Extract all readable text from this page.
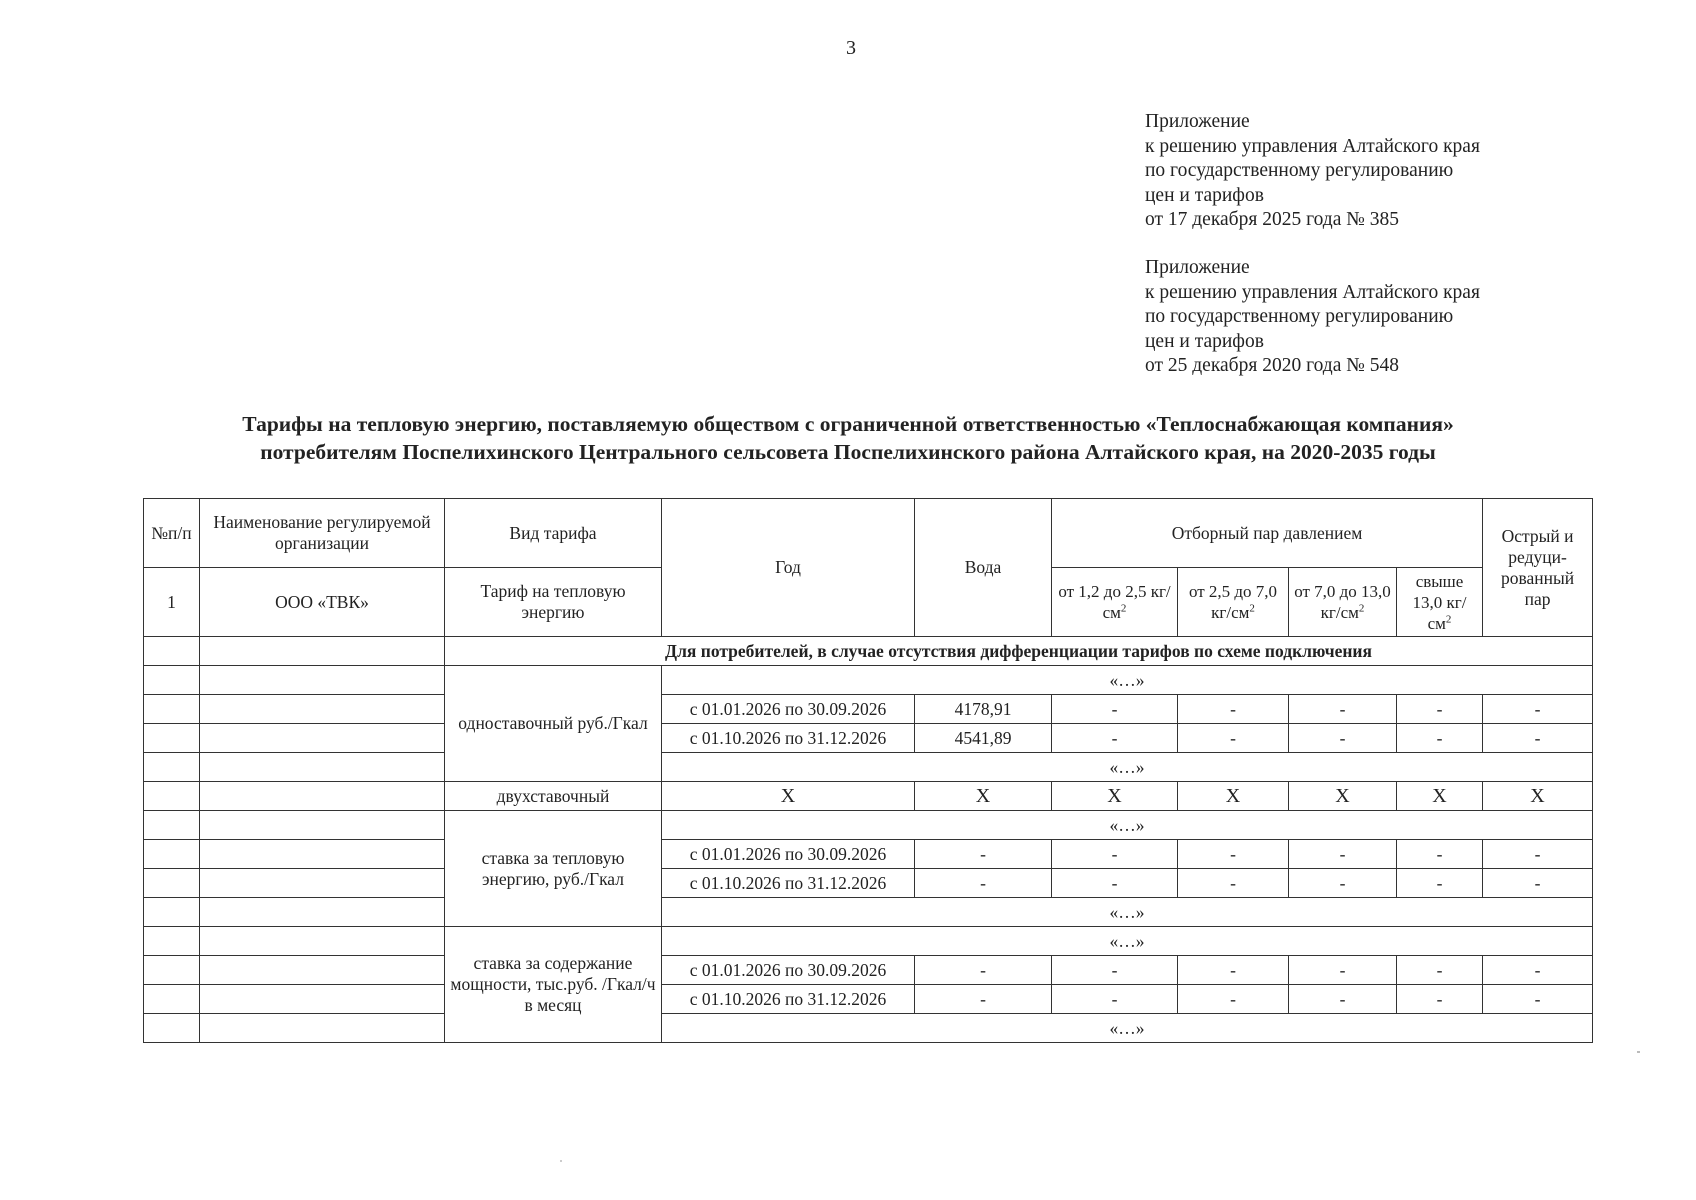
3
Приложение
к решению управления Алтайского края
по государственному регулированию
цен и тарифов
от 17 декабря 2025 года № 385
Приложение
к решению управления Алтайского края
по государственному регулированию
цен и тарифов
от 25 декабря 2020 года № 548
Тарифы на тепловую энергию, поставляемую обществом с ограниченной ответственностью «Теплоснабжающая компания»
потребителям Поспелихинского Центрального сельсовета Поспелихинского района Алтайского края, на 2020-2035 годы
№п/п	Наименование регулируемой организации	Вид тарифа	Год	Вода	Отборный пар давлением				Острый и редуци-рованный пар
1	ООО «ТВК»	Тариф на тепловую энергию			от 1,2 до 2,5 $кг/см^2$	от 2,5 до 7,0 $кг/см^2$	от 7,0 до 13,0 $кг/см^2$	свыше 13,0 $кг/см^2$
		Для потребителей, в случае отсутствия дифференциации тарифов по схеме подключения							
		одноставочный руб./Гкал	«…»						
			с 01.01.2026 по 30.09.2026	4178,91	-	-	-	-	-
			с 01.10.2026 по 31.12.2026	4541,89	-	-	-	-	-
			«…»						
		двухставочный	X	X	X	X	X	X	X
		ставка за тепловую энергию, руб./Гкал	«…»						
			с 01.01.2026 по 30.09.2026	-	-	-	-	-	-
			с 01.10.2026 по 31.12.2026	-	-	-	-	-	-
			«…»						
		ставка за содержание мощности, тыс.руб. /Гкал/ч в месяц	«…»						
			с 01.01.2026 по 30.09.2026	-	-	-	-	-	-
			с 01.10.2026 по 31.12.2026	-	-	-	-	-	-
			«…»						
